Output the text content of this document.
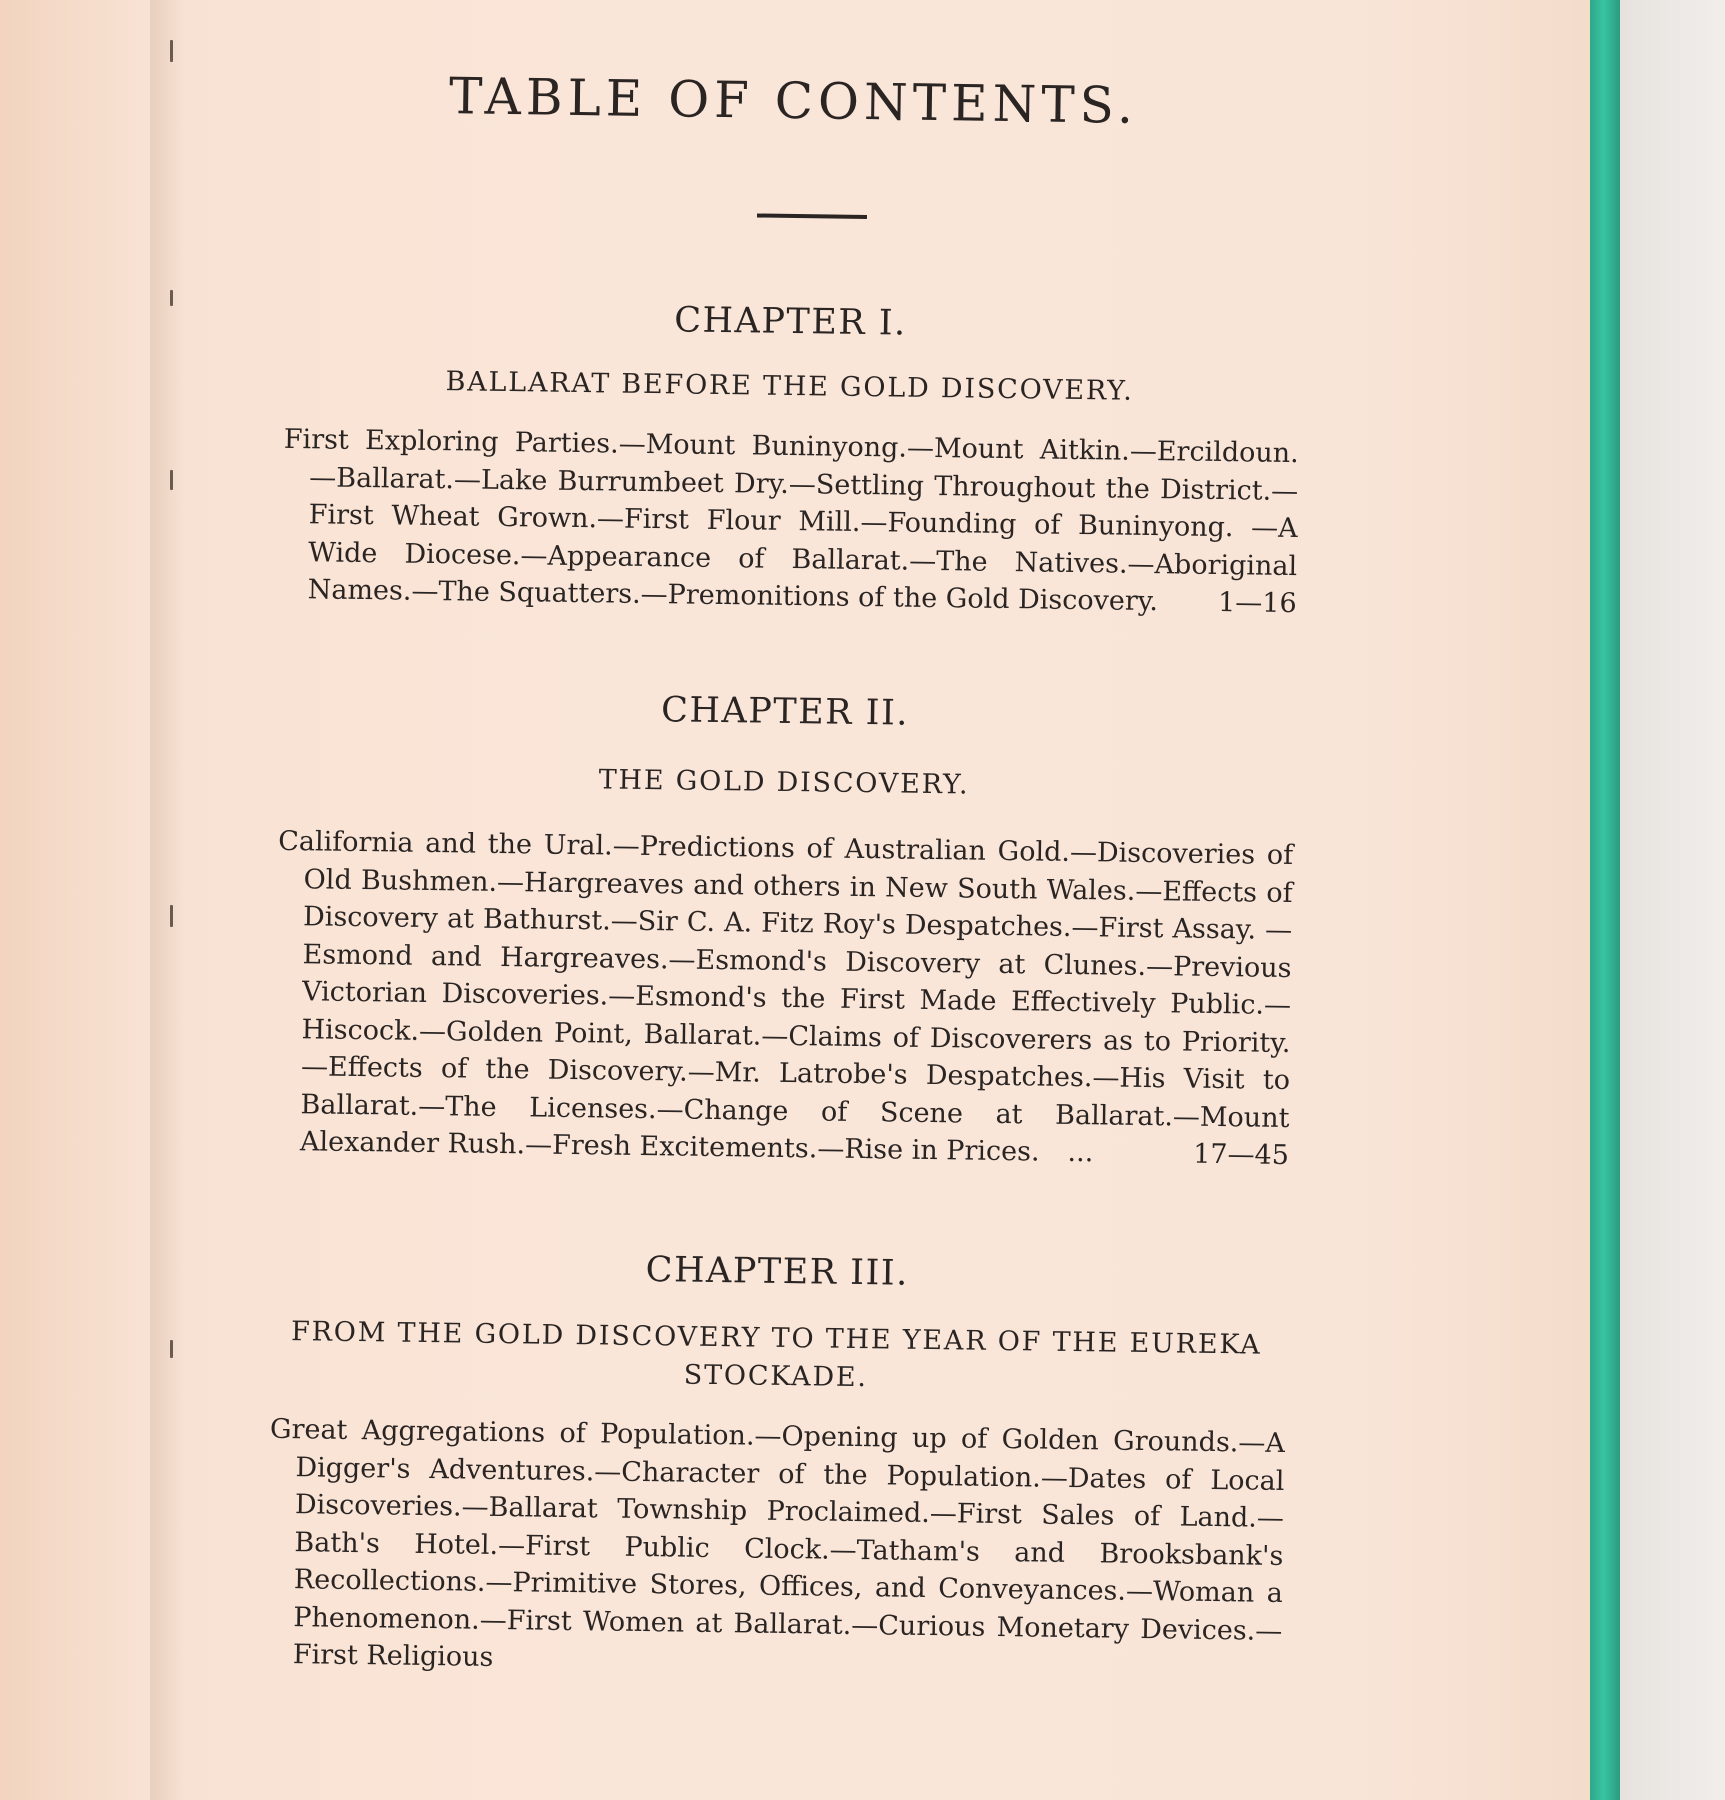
TABLE OF CONTENTS.
CHAPTER I.
BALLARAT BEFORE THE GOLD DISCOVERY.
First Exploring Parties.—Mount Buninyong.—Mount Aitkin.—Ercildoun. —Ballarat.—Lake Burrumbeet Dry.—Settling Throughout the District.—First Wheat Grown.—First Flour Mill.—Founding of Buninyong. —A Wide Diocese.—Appearance of Ballarat.—The Natives.—Aboriginal Names.—The Squatters.—Premonitions of the Gold Discovery.	1—16
CHAPTER II.
THE GOLD DISCOVERY.
California and the Ural.—Predictions of Australian Gold.—Discoveries of Old Bushmen.—Hargreaves and others in New South Wales.—Effects of Discovery at Bathurst.—Sir C. A. Fitz Roy's Despatches.—First Assay. —Esmond and Hargreaves.—Esmond's Discovery at Clunes.—Previous Victorian Discoveries.—Esmond's the First Made Effectively Public.—Hiscock.—Golden Point, Ballarat.—Claims of Discoverers as to Priority.—Effects of the Discovery.—Mr. Latrobe's Despatches.—His Visit to Ballarat.—The Licenses.—Change of Scene at Ballarat.—Mount Alexander Rush.—Fresh Excitements.—Rise in Prices. ...	17—45
CHAPTER III.
FROM THE GOLD DISCOVERY TO THE YEAR OF THE EUREKA STOCKADE.
Great Aggregations of Population.—Opening up of Golden Grounds.—A Digger's Adventures.—Character of the Population.—Dates of Local Discoveries.—Ballarat Township Proclaimed.—First Sales of Land.—Bath's Hotel.—First Public Clock.—Tatham's and Brooksbank's Recollections.—Primitive Stores, Offices, and Conveyances.—Woman a Phenomenon.—First Women at Ballarat.—Curious Monetary Devices.—First Religious
